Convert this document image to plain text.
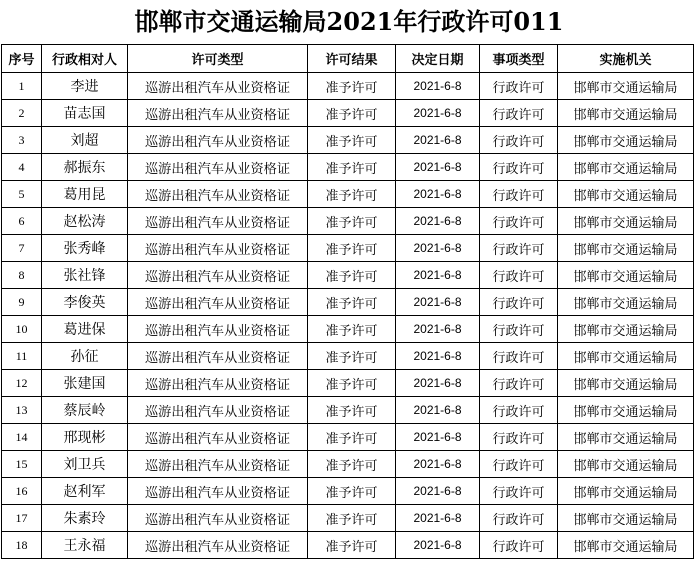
邯郸市交通运输局2021年行政许可011
序号	行政相对人	许可类型	许可结果	决定日期	事项类型	实施机关
1	李进	巡游出租汽车从业资格证	准予许可	2021-6-8	行政许可	邯郸市交通运输局
2	苗志国	巡游出租汽车从业资格证	准予许可	2021-6-8	行政许可	邯郸市交通运输局
3	刘超	巡游出租汽车从业资格证	准予许可	2021-6-8	行政许可	邯郸市交通运输局
4	郝振东	巡游出租汽车从业资格证	准予许可	2021-6-8	行政许可	邯郸市交通运输局
5	葛用昆	巡游出租汽车从业资格证	准予许可	2021-6-8	行政许可	邯郸市交通运输局
6	赵松涛	巡游出租汽车从业资格证	准予许可	2021-6-8	行政许可	邯郸市交通运输局
7	张秀峰	巡游出租汽车从业资格证	准予许可	2021-6-8	行政许可	邯郸市交通运输局
8	张社锋	巡游出租汽车从业资格证	准予许可	2021-6-8	行政许可	邯郸市交通运输局
9	李俊英	巡游出租汽车从业资格证	准予许可	2021-6-8	行政许可	邯郸市交通运输局
10	葛进保	巡游出租汽车从业资格证	准予许可	2021-6-8	行政许可	邯郸市交通运输局
11	孙征	巡游出租汽车从业资格证	准予许可	2021-6-8	行政许可	邯郸市交通运输局
12	张建国	巡游出租汽车从业资格证	准予许可	2021-6-8	行政许可	邯郸市交通运输局
13	蔡辰岭	巡游出租汽车从业资格证	准予许可	2021-6-8	行政许可	邯郸市交通运输局
14	邢现彬	巡游出租汽车从业资格证	准予许可	2021-6-8	行政许可	邯郸市交通运输局
15	刘卫兵	巡游出租汽车从业资格证	准予许可	2021-6-8	行政许可	邯郸市交通运输局
16	赵利军	巡游出租汽车从业资格证	准予许可	2021-6-8	行政许可	邯郸市交通运输局
17	朱素玲	巡游出租汽车从业资格证	准予许可	2021-6-8	行政许可	邯郸市交通运输局
18	王永福	巡游出租汽车从业资格证	准予许可	2021-6-8	行政许可	邯郸市交通运输局
